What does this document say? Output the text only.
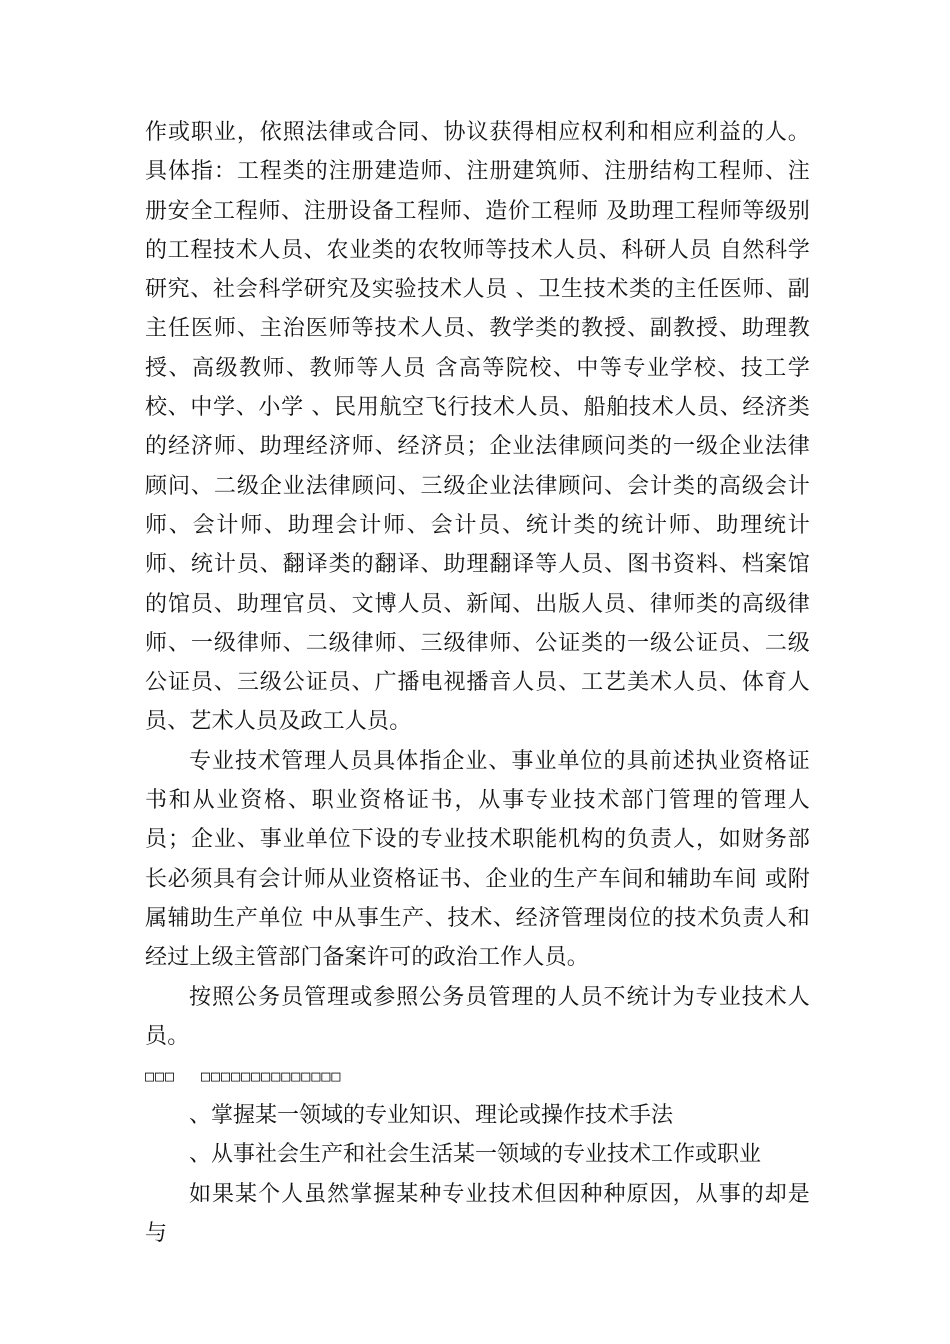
作或职业，依照法律或合同、协议获得相应权利和相应利益的人。具体指：工程类的注册建造师、注册建筑师、注册结构工程师、注册安全工程师、注册设备工程师、造价工程师 及助理工程师等级别的工程技术人员、农业类的农牧师等技术人员、科研人员 自然科学研究、社会科学研究及实验技术人员 、卫生技术类的主任医师、副主任医师、主治医师等技术人员、教学类的教授、副教授、助理教授、高级教师、教师等人员 含高等院校、中等专业学校、技工学校、中学、小学 、民用航空飞行技术人员、船舶技术人员、经济类的经济师、助理经济师、经济员；企业法律顾问类的一级企业法律顾问、二级企业法律顾问、三级企业法律顾问、会计类的高级会计师、会计师、助理会计师、会计员、统计类的统计师、助理统计师、统计员、翻译类的翻译、助理翻译等人员、图书资料、档案馆的馆员、助理官员、文博人员、新闻、出版人员、律师类的高级律师、一级律师、二级律师、三级律师、公证类的一级公证员、二级公证员、三级公证员、广播电视播音人员、工艺美术人员、体育人员、艺术人员及政工人员。

专业技术管理人员具体指企业、事业单位的具前述执业资格证书和从业资格、职业资格证书，从事专业技术部门管理的管理人员；企业、事业单位下设的专业技术职能机构的负责人，如财务部长必须具有会计师从业资格证书、企业的生产车间和辅助车间 或附属辅助生产单位 中从事生产、技术、经济管理岗位的技术负责人和经过上级主管部门备案许可的政治工作人员。

按照公务员管理或参照公务员管理的人员不统计为专业技术人员。

□□□ □□□□□□□□□□□□□□

、掌握某一领域的专业知识、理论或操作技术手法

、从事社会生产和社会生活某一领域的专业技术工作或职业

如果某个人虽然掌握某种专业技术但因种种原因，从事的却是与
